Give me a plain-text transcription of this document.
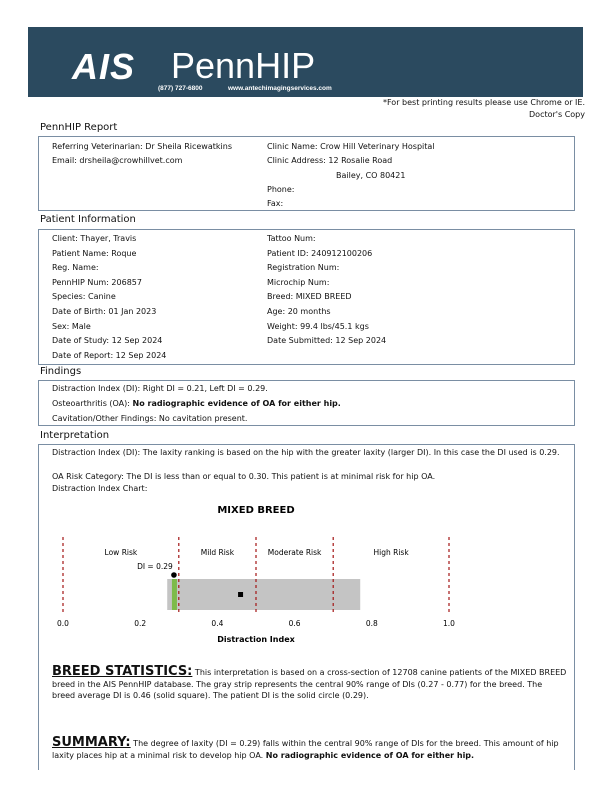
AIS PennHIP
(877) 727-6800	www.antechimagingservices.com
*For best printing results please use Chrome or IE.
Doctor's Copy
PennHIP Report
Referring Veterinarian: Dr Sheila Ricewatkins
Email: drsheila@crowhillvet.com
Clinic Name: Crow Hill Veterinary Hospital
Clinic Address: 12 Rosalie Road
Bailey, CO 80421
Phone:
Fax:
Patient Information
Client: Thayer, Travis
Patient Name: Roque
Reg. Name:
PennHIP Num: 206857
Species: Canine
Date of Birth: 01 Jan 2023
Sex: Male
Date of Study: 12 Sep 2024
Date of Report: 12 Sep 2024
Tattoo Num:
Patient ID: 240912100206
Registration Num:
Microchip Num:
Breed: MIXED BREED
Age: 20 months
Weight: 99.4 lbs/45.1 kgs
Date Submitted: 12 Sep 2024
Findings
Distraction Index (DI): Right DI = 0.21, Left DI = 0.29.
Osteoarthritis (OA): No radiographic evidence of OA for either hip.
Cavitation/Other Findings: No cavitation present.
Interpretation
Distraction Index (DI): The laxity ranking is based on the hip with the greater laxity (larger DI). In this case the DI used is 0.29.
OA Risk Category: The DI is less than or equal to 0.30. This patient is at minimal risk for hip OA.
Distraction Index Chart:
MIXED BREED
Low Risk	Mild Risk	Moderate Risk	High Risk
DI = 0.29
0.0	0.2	0.4	0.6	0.8	1.0
Distraction Index
BREED STATISTICS: This interpretation is based on a cross-section of 12708 canine patients of the MIXED BREED breed in the AIS PennHIP database. The gray strip represents the central 90% range of DIs (0.27 - 0.77) for the breed. The breed average DI is 0.46 (solid square). The patient DI is the solid circle (0.29).
SUMMARY: The degree of laxity (DI = 0.29) falls within the central 90% range of DIs for the breed. This amount of hip laxity places hip at a minimal risk to develop hip OA. No radiographic evidence of OA for either hip.
